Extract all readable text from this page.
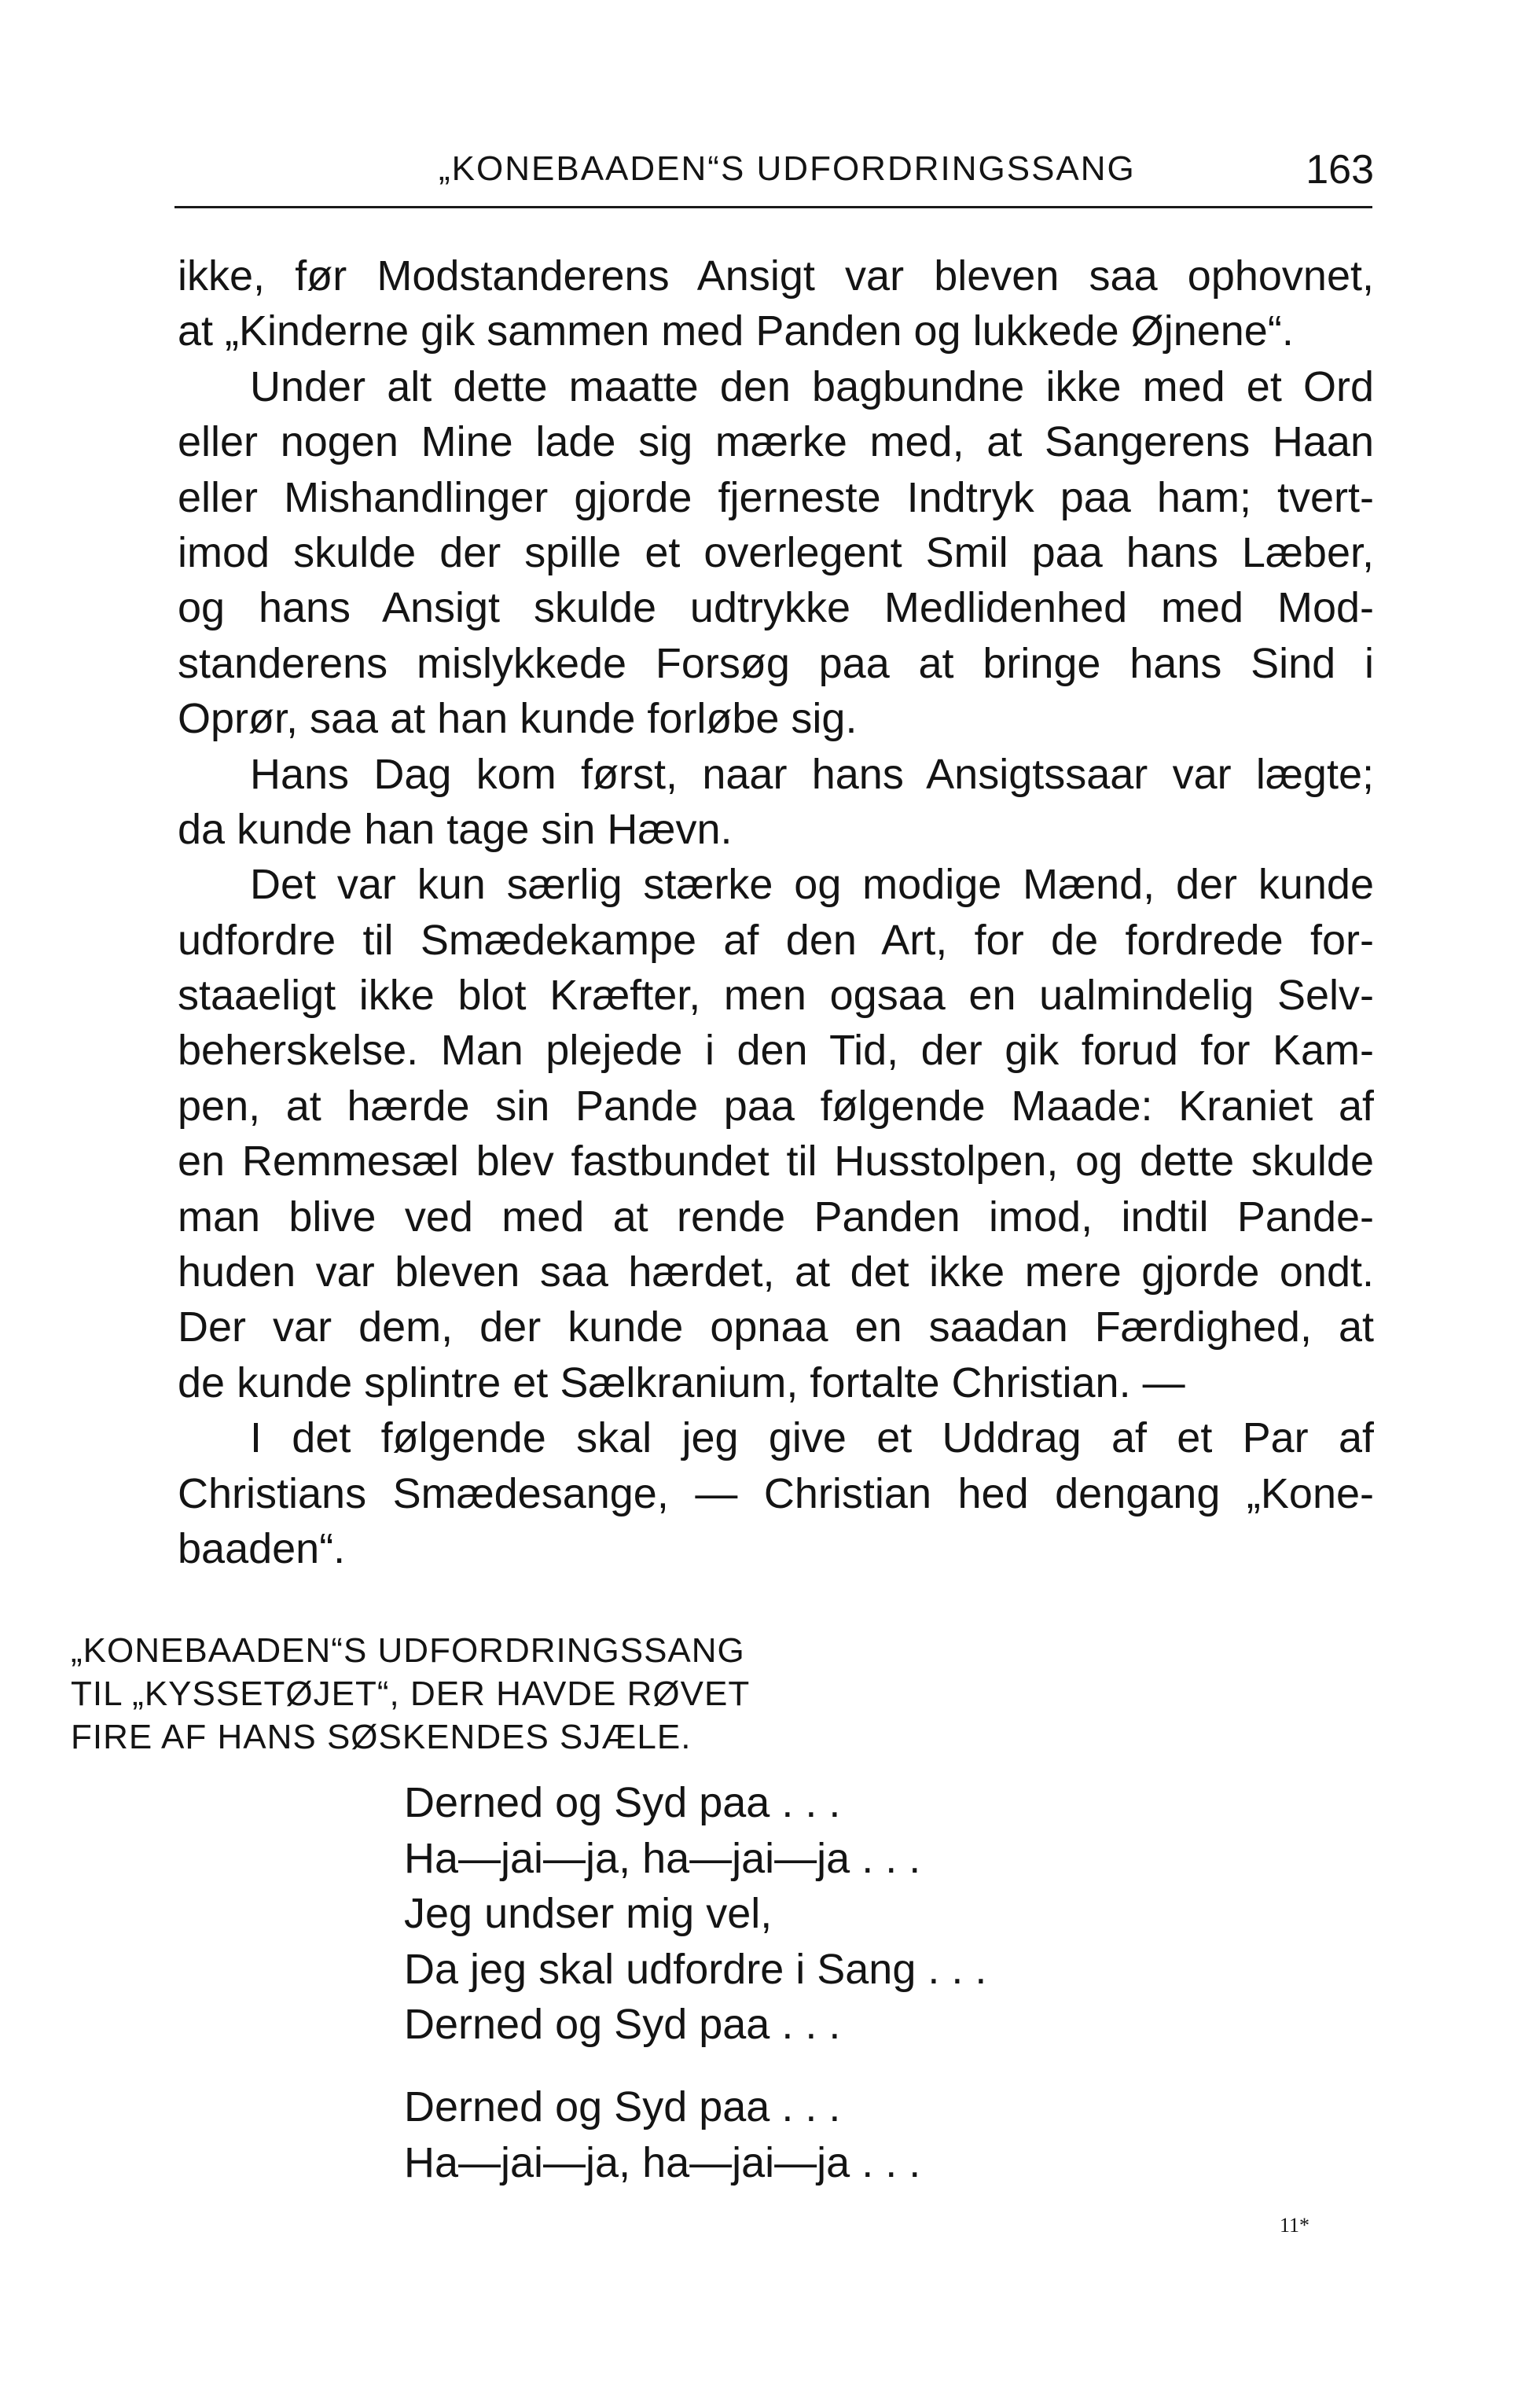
„KONEBAADEN“S UDFORDRINGSSANG	163
ikke, før Modstanderens Ansigt var bleven saa ophovnet,
at „Kinderne gik sammen med Panden og lukkede Øjnene“.
Under alt dette maatte den bagbundne ikke med et Ord
eller nogen Mine lade sig mærke med, at Sangerens Haan
eller Mishandlinger gjorde fjerneste Indtryk paa ham; tvert-
imod skulde der spille et overlegent Smil paa hans Læber,
og hans Ansigt skulde udtrykke Medlidenhed med Mod-
standerens mislykkede Forsøg paa at bringe hans Sind i
Oprør, saa at han kunde forløbe sig.
Hans Dag kom først, naar hans Ansigtssaar var lægte;
da kunde han tage sin Hævn.
Det var kun særlig stærke og modige Mænd, der kunde
udfordre til Smædekampe af den Art, for de fordrede for-
staaeligt ikke blot Kræfter, men ogsaa en ualmindelig Selv-
beherskelse. Man plejede i den Tid, der gik forud for Kam-
pen, at hærde sin Pande paa følgende Maade: Kraniet af
en Remmesæl blev fastbundet til Husstolpen, og dette skulde
man blive ved med at rende Panden imod, indtil Pande-
huden var bleven saa hærdet, at det ikke mere gjorde ondt.
Der var dem, der kunde opnaa en saadan Færdighed, at
de kunde splintre et Sælkranium, fortalte Christian. —
I det følgende skal jeg give et Uddrag af et Par af
Christians Smædesange, — Christian hed dengang „Kone-
baaden“.
„KONEBAADEN“S UDFORDRINGSSANG
TIL „KYSSETØJET“, DER HAVDE RØVET
FIRE AF HANS SØSKENDES SJÆLE.
Derned og Syd paa . . .
Ha—jai—ja, ha—jai—ja . . .
Jeg undser mig vel,
Da jeg skal udfordre i Sang . . .
Derned og Syd paa . . .
Derned og Syd paa . . .
Ha—jai—ja, ha—jai—ja . . .
11*
